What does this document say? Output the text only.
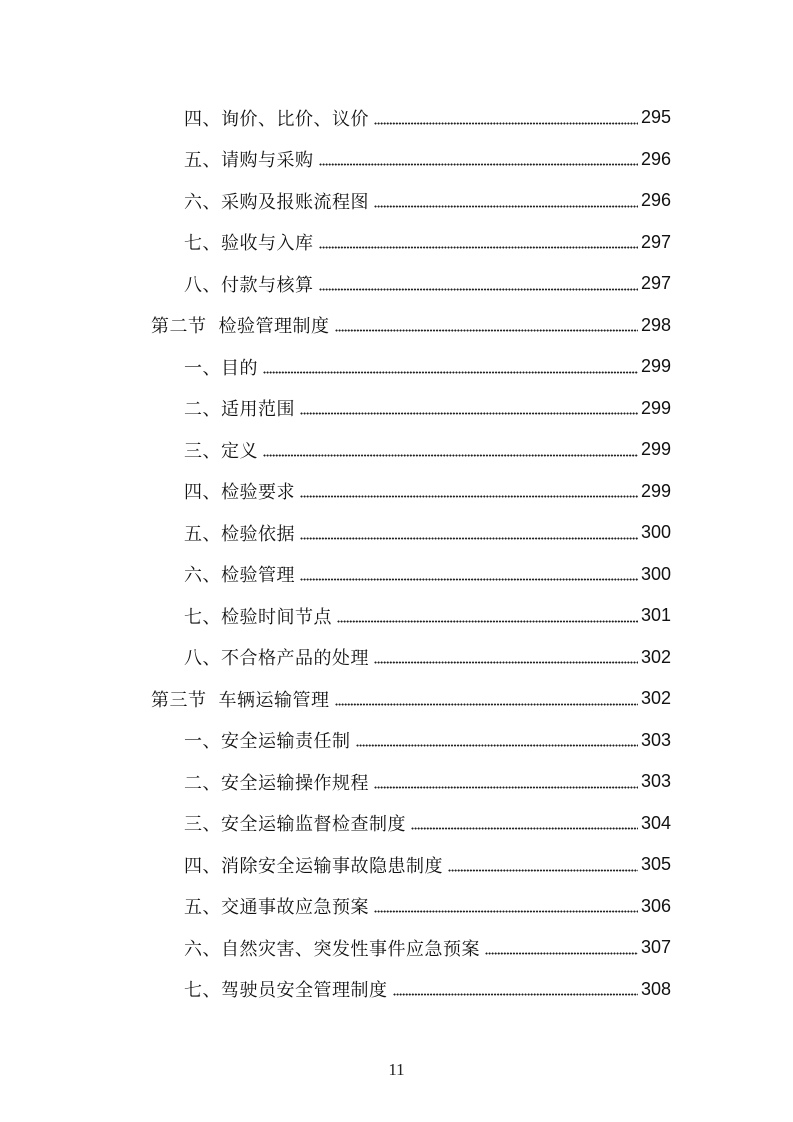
四、 询价、比价、议价	295
五、 请购与采购	296
六、 采购及报账流程图	296
七、 验收与入库	297
八、 付款与核算	297
第二节 检验管理制度	298
一、 目的	299
二、 适用范围	299
三、 定义	299
四、 检验要求	299
五、 检验依据	300
六、 检验管理	300
七、 检验时间节点	301
八、 不合格产品的处理	302
第三节 车辆运输管理	302
一、 安全运输责任制	303
二、 安全运输操作规程	303
三、 安全运输监督检查制度	304
四、 消除安全运输事故隐患制度	305
五、 交通事故应急预案	306
六、 自然灾害、突发性事件应急预案	307
七、 驾驶员安全管理制度	308
11
